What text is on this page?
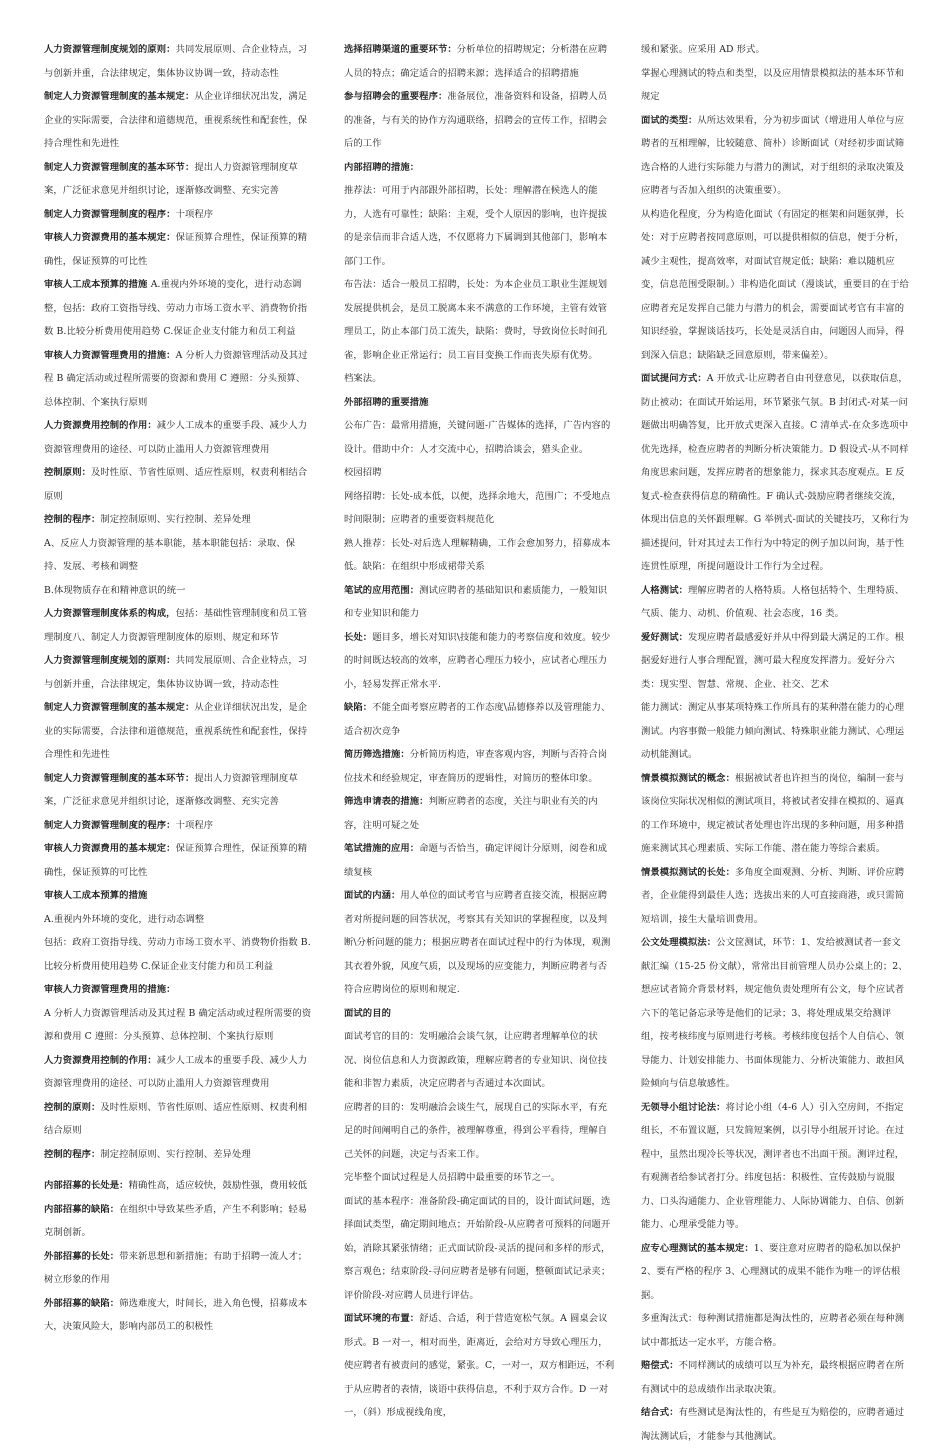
人力资源管理制度规划的原则：共同发展原则、合企业特点，习与创新并重，合法律规定，集体协议协调一致，持动态性

制定人力资源管理制度的基本规定：从企业详细状况出发，满足企业的实际需要，合法律和道德规范，重视系统性和配套性，保持合理性和先进性

制定人力资源管理制度的基本环节：提出人力资源管理制度草案，广泛征求意见并组织讨论，逐渐修改调整、充实完善

制定人力资源管理制度的程序：十项程序

审核人力资源费用的基本规定：保证预算合理性，保证预算的精确性，保证预算的可比性

审核人工成本预算的措施 A.重视内外环境的变化，进行动态调整，包括：政府工资指导线、劳动力市场工资水平、消费物价指数 B.比较分析费用使用趋势 C.保证企业支付能力和员工利益

审核人力资源管理费用的措施：A 分析人力资源管理活动及其过程 B 确定活动或过程所需要的资源和费用 C 遵照：分头预算、总体控制、个案执行原则

人力资源费用控制的作用：减少人工成本的重要手段、减少人力资源管理费用的途径、可以防止滥用人力资源管理费用

控制原则：及时性原、节省性原则、适应性原则，权责利相结合原则

控制的程序：制定控制原则、实行控制、差异处理

A、反应人力资源管理的基本职能，基本职能包括：录取、保持、发展、考核和调整

B.体现物质存在和精神意识的统一

人力资源管理制度体系的构成，包括：基础性管理制度和员工管理制度八、制定人力资源管理制度体的原则、规定和环节

人力资源管理制度规划的原则：共同发展原则、合企业特点，习与创新并重，合法律规定，集体协议协调一致，持动态性

制定人力资源管理制度的基本规定：从企业详细状况出发，是企业的实际需要，合法律和道德规范，重视系统性和配套性，保持合理性和先进性

制定人力资源管理制度的基本环节：提出人力资源管理制度草案，广泛征求意见并组织讨论，逐渐修改调整、充实完善

制定人力资源管理制度的程序：十项程序

审核人力资源费用的基本规定：保证预算合理性，保证预算的精确性，保证预算的可比性

审核人工成本预算的措施

A.重视内外环境的变化，进行动态调整

包括：政府工资指导线、劳动力市场工资水平、消费物价指数 B.比较分析费用使用趋势 C.保证企业支付能力和员工利益

审核人力资源管理费用的措施：

A 分析人力资源管理活动及其过程 B 确定活动或过程所需要的资源和费用 C 遵照：分头预算、总体控制、个案执行原则

人力资源费用控制的作用：减少人工成本的重要手段、减少人力资源管理费用的途径、可以防止滥用人力资源管理费用

控制的原则：及时性原则、节省性原则、适应性原则、权责利相结合原则

控制的程序：制定控制原则、实行控制、差异处理

内部招募的长处是：精确性高，适应较快，鼓励性强，费用较低

内部招募的缺陷：在组织中导致某些矛盾，产生不利影响；轻易克制创新。

外部招募的长处：带来新思想和新措施；有助于招聘一流人才；树立形象的作用

外部招募的缺陷：筛选难度大，时间长，进入角色慢，招募成本大，决策风险大，影响内部员工的积极性

选择招聘渠道的重要环节：分析单位的招聘规定；分析潜在应聘人员的特点；确定适合的招聘来源；选择适合的招聘措施

参与招聘会的重要程序：准备展位，准备资料和设备，招聘人员的准备，与有关的协作方沟通联络，招聘会的宣传工作，招聘会后的工作

内部招聘的措施：

推荐法：可用于内部跟外部招聘，长处：理解潜在候选人的能力，人选有可靠性；缺陷：主观，受个人原因的影响，也许提拔的是亲信而非合适人选，不仅愿将力下属调到其他部门，影响本部门工作。

布告法：适合一般员工招聘，长处：为本企业员工职业生涯规划发展提供机会，是员工脱离本来不满意的工作环境，主管有效管理员工，防止本部门员工流失，缺陷：费时，导致岗位长时间孔雀，影响企业正常运行；员工盲目变换工作而丧失原有优势。

档案法。

外部招聘的重要措施

公布广告：最常用措施，关键问题-广告媒体的选择，广告内容的设计。借助中介：人才交流中心，招聘洽谈会，猎头企业。

校园招聘

网络招聘：长处-成本低，以便，选择余地大，范围广；不受地点时间限制；应聘者的重要资料规范化

熟人推荐：长处-对后选人理解精确，工作会愈加努力，招募成本低。缺陷：在组织中形成裙带关系

笔试的应用范围：测试应聘者的基础知识和素质能力，一般知识和专业知识和能力

长处：题目多，增长对知识\技能和能力的考察信度和效度。较少的时间既达较高的效率，应聘者心理压力较小，应试者心理压力小，轻易发挥正常水平.

缺陷：不能全面考察应聘者的工作态度\品德修养以及管理能力、适合初次竞争

简历筛选措施：分析简历构造，审查客观内容，判断与否符合岗位技术和经验规定，审查简历的逻辑性，对简历的整体印象。

筛选申请表的措施：判断应聘者的态度，关注与职业有关的内容，注明可疑之处

笔试措施的应用：命题与否恰当，确定评阅计分原则，阅卷和成绩复核

面试的内涵：用人单位的面试考官与应聘者直接交流，根据应聘者对所提问题的回答状况，考察其有关知识的掌握程度，以及判断\分析问题的能力；根据应聘者在面试过程中的行为体现，观测其衣着外貌，风度气质，以及现场的应变能力，判断应聘者与否符合应聘岗位的原则和规定.

面试的目的

面试考官的目的：发明融洽会谈气氛，让应聘者理解单位的状况、岗位信息和人力资源政策，理解应聘者的专业知识、岗位技能和非智力素质，决定应聘者与否通过本次面试。

应聘者的目的：发明融洽会谈生气，展现自己的实际水平，有充足的时间阐明自己的条件，被理解尊重，得到公平看待，理解自己关怀的问题，决定与否来工作。

完毕整个面试过程是人员招聘中最重要的环节之一。

面试的基本程序：准备阶段-确定面试的目的，设计面试问题，选择面试类型，确定期间地点；开始阶段-从应聘者可预料的问题开始，消除其紧张情绪；正式面试阶段-灵活的提问和多样的形式，察言观色；结束阶段-寻问应聘者是够有问题，整顿面试记录夹；评价阶段-对应聘人员进行评估。

面试环境的布置：舒适、合适，利于营造宽松气氛。A 圆桌会议形式。B 一对一，相对而坐，距离近，会给对方导致心理压力，使应聘者有被责问的感觉，紧张。C，一对一，双方相距远，不利于从应聘者的表情，谈语中获得信息，不利于双方合作。D 一对一，（斜）形成视线角度，

缓和紧张。应采用 AD 形式。

掌握心理测试的特点和类型，以及应用情景模拟法的基本环节和规定

面试的类型：从所达效果看，分为初步面试（增进用人单位与应聘者的互相理解，比较随意、简朴）诊断面试（对经初步面试筛选合格的人进行实际能力与潜力的测试，对于组织的录取决策及应聘者与否加入组织的决策重要）。

从构造化程度，分为构造化面试（有固定的框架和问题氛弹，长处：对于应聘者按同意原则，可以提供相似的信息，便于分析，减少主观性，提高效率，对面试官规定低；缺陷：难以随机应变，信息范围受限制。）非构造化面试（漫谈试，重要目的在于给应聘者充足发挥自己能力与潜力的机会，需要面试考官有丰富的知识经验，掌握谈话技巧，长处是灵活自由，问题因人而异，得到深入信息；缺陷缺乏回意原则，带来偏差）。

面试提问方式：A 开放式-让应聘者自由刊登意见，以获取信息，防止被动；在面试开始运用，环节紧张气氛。B 封闭式-对某一问题做出明确答复，比开放式更深入直接。C 清单式-在众多选项中优先选择，检查应聘者的判断分析决策能力。D 假设式-从不同样角度思索问题，发挥应聘者的想象能力，探求其态度观点。E 反复式-检查获得信息的精确性。F 确认式-鼓励应聘者继续交流，体现出信息的关怀跟理解。G 举例式-面试的关键技巧，又称行为描述提问，针对其过去工作行为中特定的例子加以问询，基于性连贯性原理，所提问题设计工作行为全过程。

人格测试：理解应聘者的人格特质。人格包括特个、生理特质、气质、能力、动机、价值观、社会态度，16 类。

爱好测试：发现应聘者最感爱好并从中得到最大满足的工作。根据爱好进行人事合理配置，测可最大程度发挥潜力。爱好分六类：现实型、智慧、常规、企业、社交、艺术

能力测试：测定从事某项特殊工作所具有的某种潜在能力的心理测试。内容事微一般能力倾向测试、特殊职业能力测试、心理运动机能测试。

情景模拟测试的概念：根据被试者也许担当的岗位，编制一套与该岗位实际状况相似的测试项目，将被试者安排在模拟的、逼真的工作环境中，规定被试者处理也许出现的多种问题，用多种措施来测试其心理素质、实际工作能、潜在能力等综合素质。

情景模拟测试的长处：多角度全面观测、分析、判断、评价应聘者，企业能得到最佳人选；选拔出来的人可直接商港，或只需简短培训，接生大量培训费用。

公文处理模拟法：公文筐测试，环节：1、发给被测试者一套文献汇编（15-25 份文献），常常出目前管理人员办公桌上的；2、想应试者简介背景材料，规定他负责处理所有公文，每个应试者六下的笔记备忘录等是他们的记录；3、将处理成果交给测评组，按考核纬度与原则进行考核。考核纬度包括个人自信心、领导能力、计划安排能力、书面体现能力、分析决策能力、敢担风险倾向与信息敏感性。

无领导小组讨论法：将讨论小组（4-6 人）引入空房间，不指定组长，不布置议题，只发简短案例，以引导小组展开讨论。在过程中，虽然出现冷长等状况，测评者也不出面干预。测评过程，有观测者给参试者打分。纬度包括：积极性、宣传鼓励与说服力、口头沟通能力、企业管理能力、人际协调能力、自信、创新能力、心理承受能力等。

应专心理测试的基本规定：1、要注意对应聘者的隐私加以保护 2、要有严格的程序 3、心理测试的成果不能作为唯一的评估根据。

多重淘汰式：每种测试措施都是淘汰性的，应聘者必须在每种测试中都抵达一定水平，方能合格。

赔偿式：不同样测试的成绩可以互为补充，最终根据应聘者在所有测试中的总成绩作出录取决策。

结合式：有些测试是淘汰性的，有些是互为赔偿的，应聘者通过淘汰测试后，才能参与其他测试。
